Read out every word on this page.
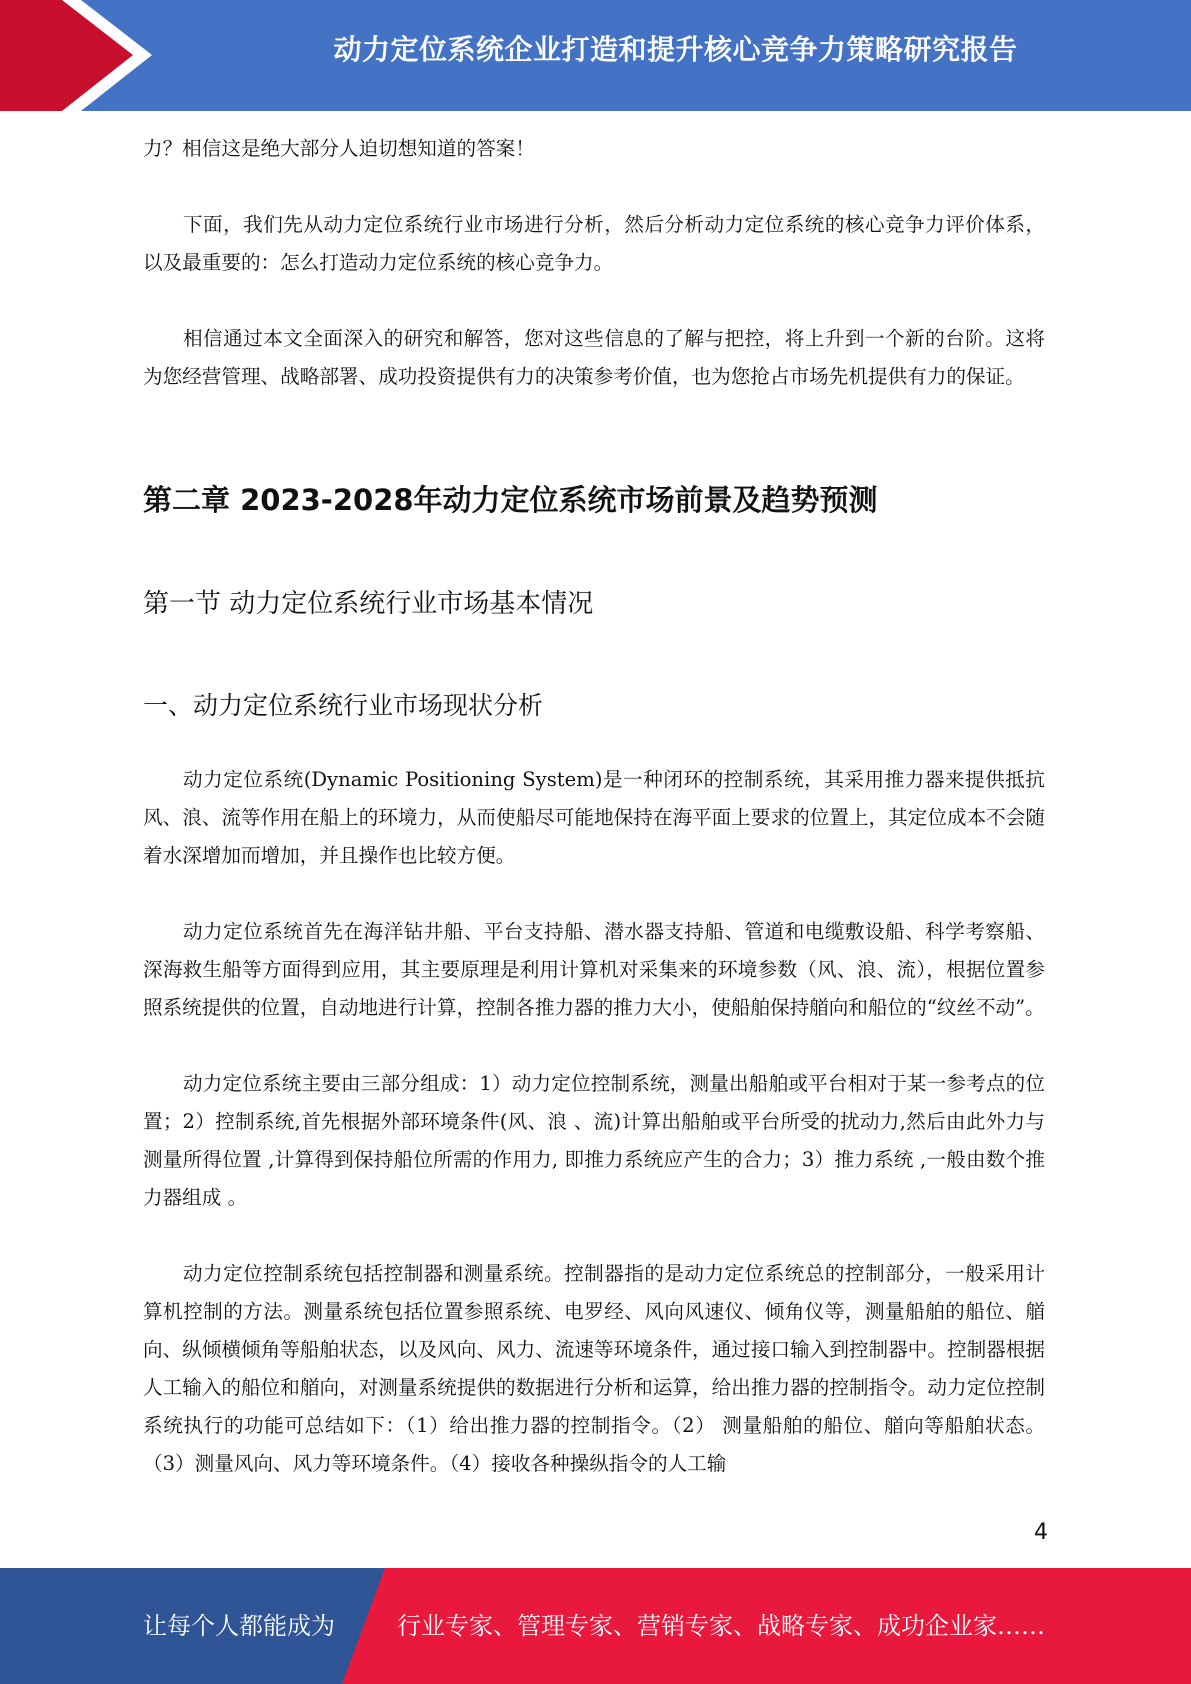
动力定位系统企业打造和提升核心竞争力策略研究报告

力？相信这是绝大部分人迫切想知道的答案！

下面，我们先从动力定位系统行业市场进行分析，然后分析动力定位系统的核心竞争力评价体系，以及最重要的：怎么打造动力定位系统的核心竞争力。

相信通过本文全面深入的研究和解答，您对这些信息的了解与把控，将上升到一个新的台阶。这将为您经营管理、战略部署、成功投资提供有力的决策参考价值，也为您抢占市场先机提供有力的保证。

第二章 2023-2028年动力定位系统市场前景及趋势预测
第一节 动力定位系统行业市场基本情况
一、动力定位系统行业市场现状分析

动力定位系统(Dynamic Positioning System)是一种闭环的控制系统，其采用推力器来提供抵抗风、浪、流等作用在船上的环境力，从而使船尽可能地保持在海平面上要求的位置上，其定位成本不会随着水深增加而增加，并且操作也比较方便。

动力定位系统首先在海洋钻井船、平台支持船、潜水器支持船、管道和电缆敷设船、科学考察船、深海救生船等方面得到应用，其主要原理是利用计算机对采集来的环境参数（风、浪、流），根据位置参照系统提供的位置，自动地进行计算，控制各推力器的推力大小，使船舶保持艏向和船位的“纹丝不动”。

动力定位系统主要由三部分组成：1）动力定位控制系统，测量出船舶或平台相对于某一参考点的位置；2）控制系统,首先根据外部环境条件(风、浪 、流)计算出船舶或平台所受的扰动力,然后由此外力与测量所得位置 ,计算得到保持船位所需的作用力, 即推力系统应产生的合力；3）推力系统 ,一般由数个推力器组成 。

动力定位控制系统包括控制器和测量系统。控制器指的是动力定位系统总的控制部分，一般采用计算机控制的方法。测量系统包括位置参照系统、电罗经、风向风速仪、倾角仪等，测量船舶的船位、艏向、纵倾横倾角等船舶状态，以及风向、风力、流速等环境条件，通过接口输入到控制器中。控制器根据人工输入的船位和艏向，对测量系统提供的数据进行分析和运算，给出推力器的控制指令。动力定位控制系统执行的功能可总结如下：（1）给出推力器的控制指令。（2） 测量船舶的船位、艏向等船舶状态。（3）测量风向、风力等环境条件。（4）接收各种操纵指令的人工输

4
让每个人都能成为	行业专家、管理专家、营销专家、战略专家、成功企业家……
